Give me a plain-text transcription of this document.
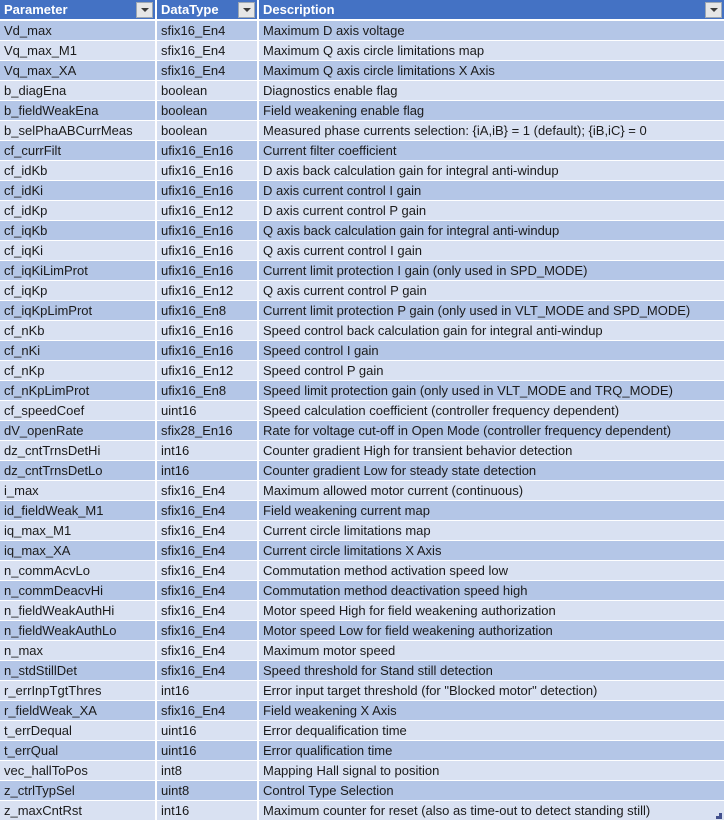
Parameter	DataType	Description
Vd_max	sfix16_En4	Maximum D axis voltage
Vq_max_M1	sfix16_En4	Maximum Q axis circle limitations map
Vq_max_XA	sfix16_En4	Maximum Q axis circle limitations X Axis
b_diagEna	boolean	Diagnostics enable flag
b_fieldWeakEna	boolean	Field weakening enable flag
b_selPhaABCurrMeas boolean	Measured phase currents selection: {iA,iB} = 1 (default); {iB,iC} = 0
cf_currFilt	ufix16_En16 Current filter coefficient
cf_idKb	ufix16_En16 D axis back calculation gain for integral anti-windup
cf_idKi	ufix16_En16 D axis current control I gain
cf_idKp	ufix16_En12 D axis current control P gain
cf_iqKb	ufix16_En16 Q axis back calculation gain for integral anti-windup
cf_iqKi	ufix16_En16 Q axis current control I gain
cf_iqKiLimProt	ufix16_En16 Current limit protection I gain (only used in SPD_MODE)
cf_iqKp	ufix16_En12 Q axis current control P gain
cf_iqKpLimProt	ufix16_En8	Current limit protection P gain (only used in VLT_MODE and SPD_MODE)
cf_nKb	ufix16_En16 Speed control back calculation gain for integral anti-windup
cf_nKi	ufix16_En16 Speed control I gain
cf_nKp	ufix16_En12 Speed control P gain
cf_nKpLimProt	ufix16_En8	Speed limit protection gain (only used in VLT_MODE and TRQ_MODE)
cf_speedCoef	uint16	Speed calculation coefficient (controller frequency dependent)
dV_openRate	sfix28_En16 Rate for voltage cut-off in Open Mode (controller frequency dependent)
dz_cntTrnsDetHi	int16	Counter gradient High for transient behavior detection
dz_cntTrnsDetLo	int16	Counter gradient Low for steady state detection
i_max	sfix16_En4	Maximum allowed motor current (continuous)
id_fieldWeak_M1	sfix16_En4	Field weakening current map
iq_max_M1	sfix16_En4	Current circle limitations map
iq_max_XA	sfix16_En4	Current circle limitations X Axis
n_commAcvLo	sfix16_En4	Commutation method activation speed low
n_commDeacvHi	sfix16_En4	Commutation method deactivation speed high
n_fieldWeakAuthHi	sfix16_En4	Motor speed High for field weakening authorization
n_fieldWeakAuthLo	sfix16_En4	Motor speed Low for field weakening authorization
n_max	sfix16_En4	Maximum motor speed
n_stdStillDet	sfix16_En4	Speed threshold for Stand still detection
r_errInpTgtThres	int16	Error input target threshold (for "Blocked motor" detection)
r_fieldWeak_XA	sfix16_En4	Field weakening X Axis
t_errDequal	uint16	Error dequalification time
t_errQual	uint16	Error qualification time
vec_hallToPos	int8	Mapping Hall signal to position
z_ctrlTypSel	uint8	Control Type Selection
z_maxCntRst	int16	Maximum counter for reset (also as time-out to detect standing still)
